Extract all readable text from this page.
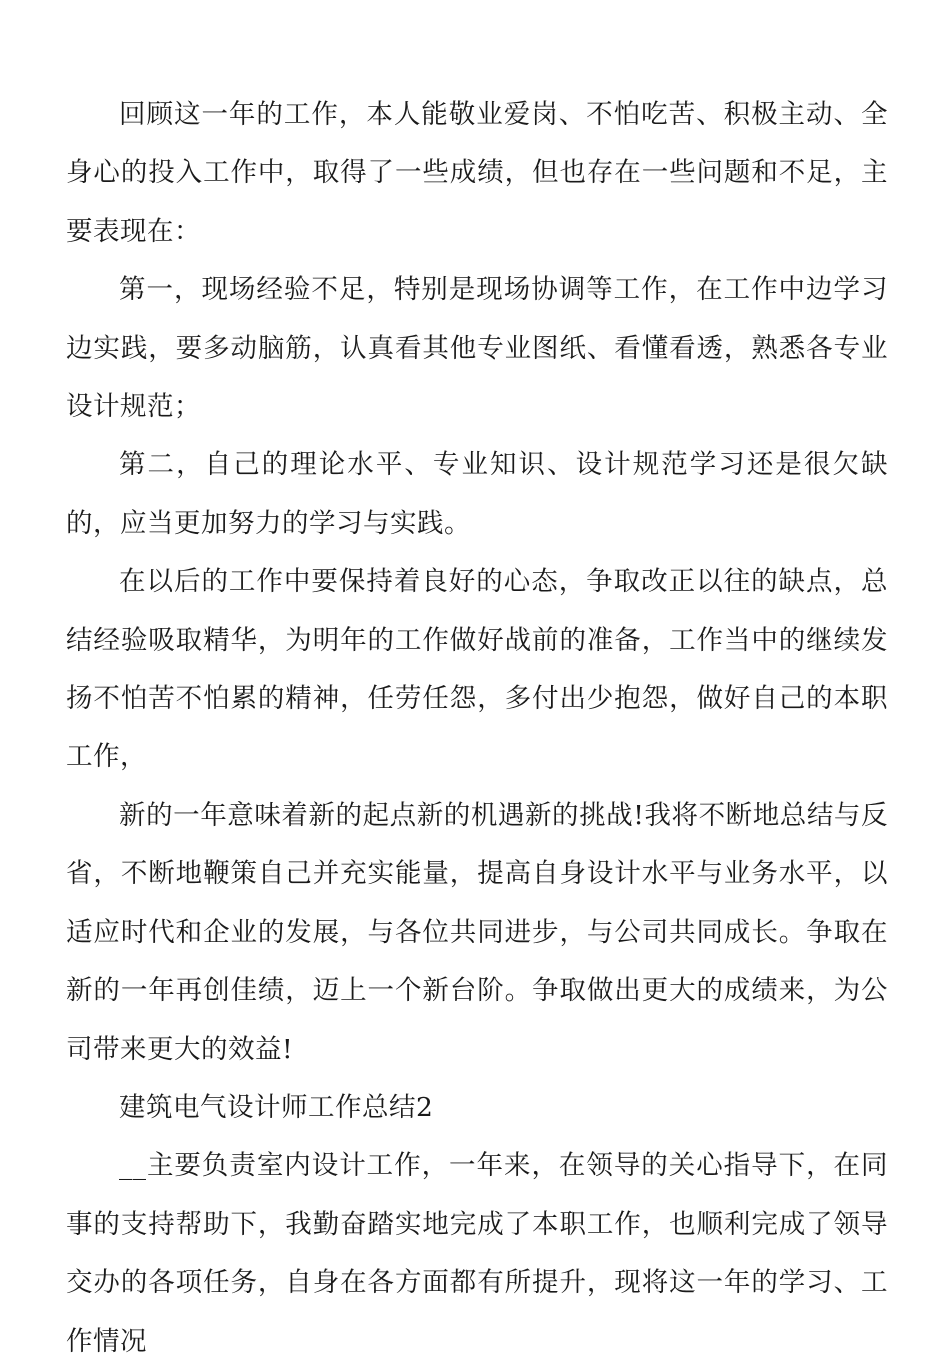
回顾这一年的工作，本人能敬业爱岗、不怕吃苦、积极主动、全身心的投入工作中，取得了一些成绩，但也存在一些问题和不足，主要表现在：

第一，现场经验不足，特别是现场协调等工作，在工作中边学习边实践，要多动脑筋，认真看其他专业图纸、看懂看透，熟悉各专业设计规范；

第二，自己的理论水平、专业知识、设计规范学习还是很欠缺的，应当更加努力的学习与实践。

在以后的工作中要保持着良好的心态，争取改正以往的缺点，总结经验吸取精华，为明年的工作做好战前的准备，工作当中的继续发扬不怕苦不怕累的精神，任劳任怨，多付出少抱怨，做好自己的本职工作，

新的一年意味着新的起点新的机遇新的挑战!我将不断地总结与反省，不断地鞭策自己并充实能量，提高自身设计水平与业务水平，以适应时代和企业的发展，与各位共同进步，与公司共同成长。争取在新的一年再创佳绩，迈上一个新台阶。争取做出更大的成绩来，为公司带来更大的效益!

建筑电气设计师工作总结2

__主要负责室内设计工作，一年来，在领导的关心指导下，在同事的支持帮助下，我勤奋踏实地完成了本职工作，也顺利完成了领导交办的各项任务，自身在各方面都有所提升，现将这一年的学习、工作情况
